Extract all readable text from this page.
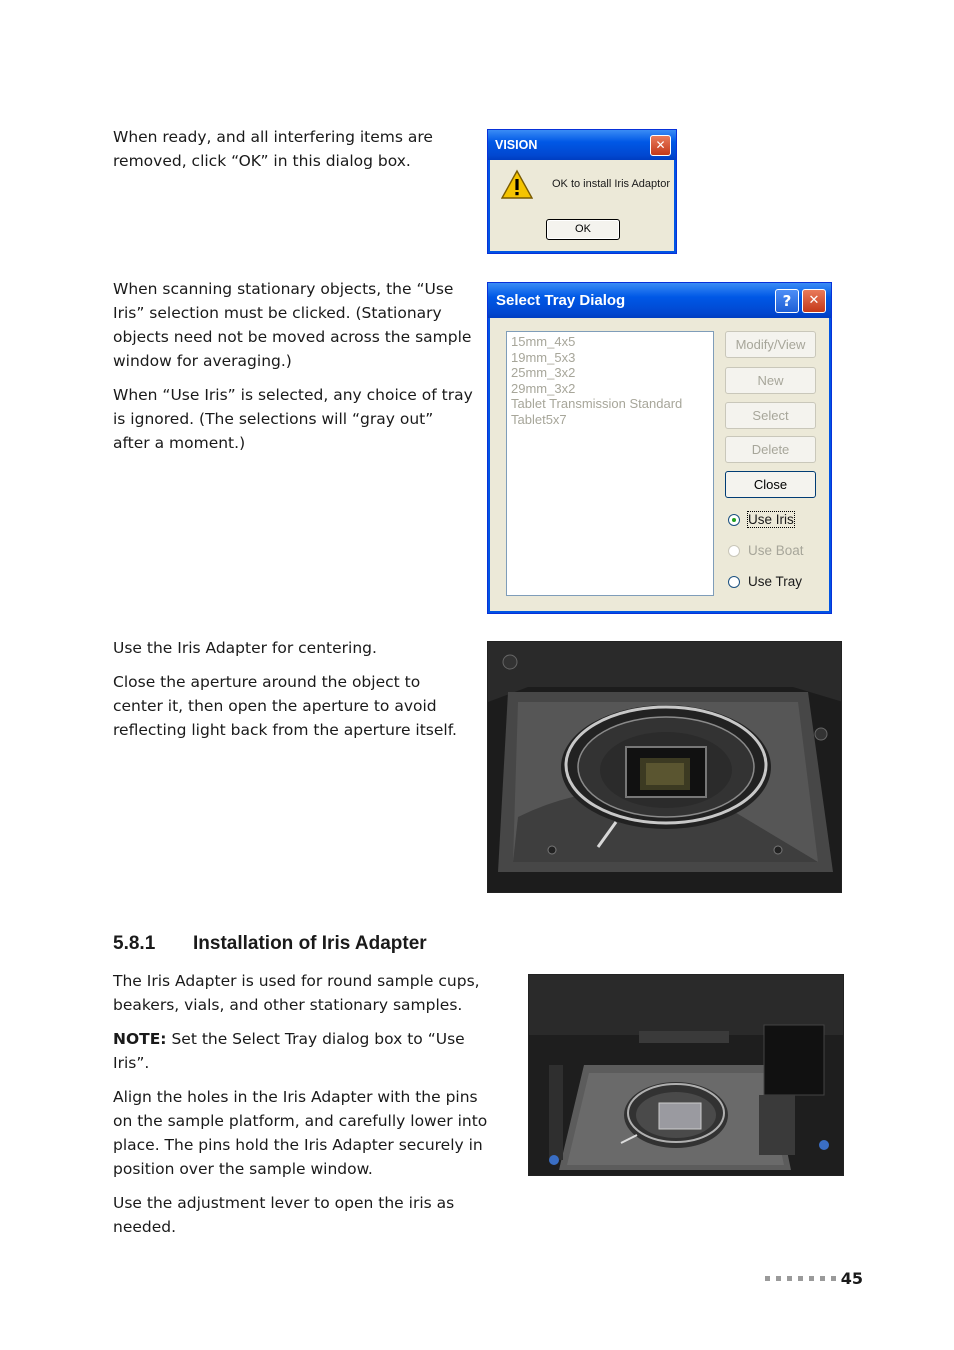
When ready, and all interfering items are removed, click “OK” in this dialog box.

VISION	✕
OK to install Iris Adaptor
OK

When scanning stationary objects, the “Use Iris” selection must be clicked. (Stationary objects need not be moved across the sample window for averaging.)

When “Use Iris” is selected, any choice of tray is ignored. (The selections will “gray out” after a moment.)

Select Tray Dialog	?	✕
15mm_4x5
19mm_5x3
25mm_3x2
29mm_3x2
Tablet Transmission Standard
Tablet5x7
Modify/View
New
Select
Delete
Close
Use Iris
Use Boat
Use Tray

Use the Iris Adapter for centering.

Close the aperture around the object to center it, then open the aperture to avoid reflecting light back from the aperture itself.

5.8.1 Installation of Iris Adapter

The Iris Adapter is used for round sample cups, beakers, vials, and other stationary samples.

NOTE: Set the Select Tray dialog box to “Use Iris”.

Align the holes in the Iris Adapter with the pins on the sample platform, and carefully lower into place. The pins hold the Iris Adapter securely in position over the sample window.

Use the adjustment lever to open the iris as needed.

45
